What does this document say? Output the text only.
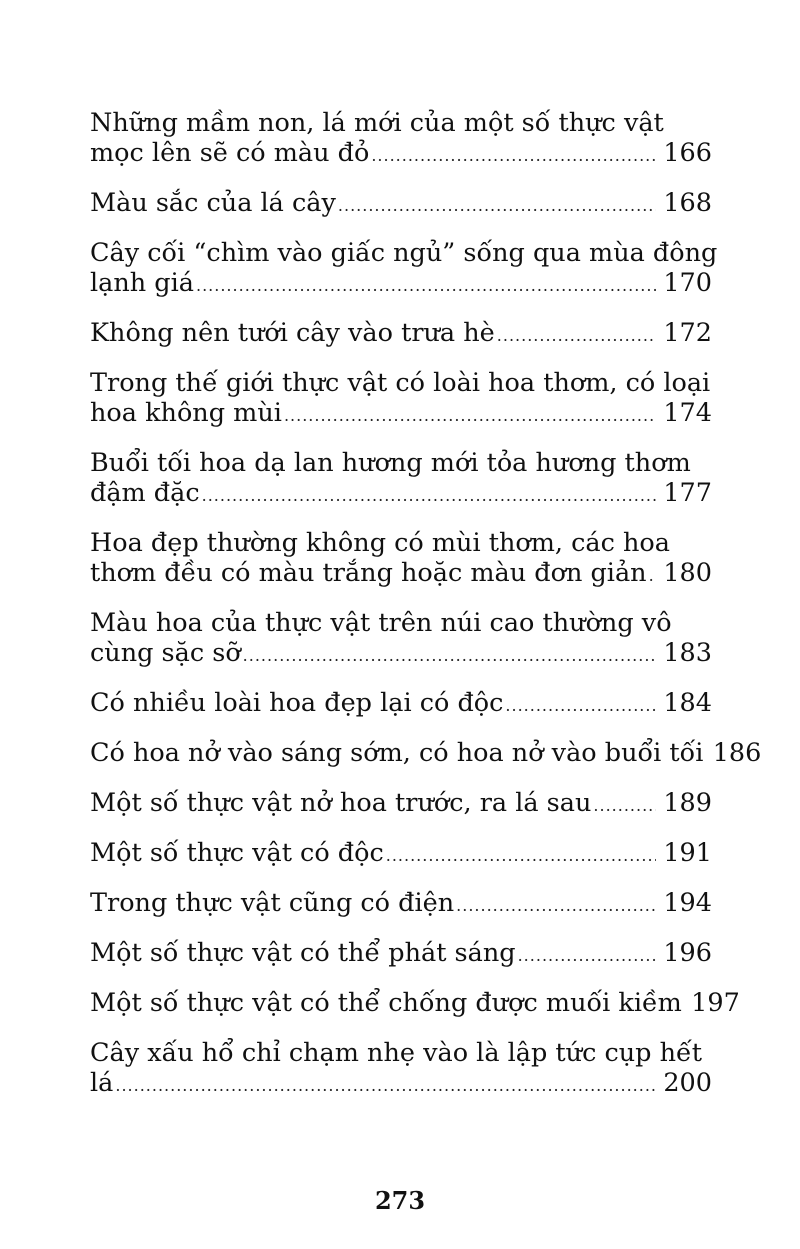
Những mầm non, lá mới của một số thực vật
mọc lên sẽ có màu đỏ .....	166
Màu sắc của lá cây .....	168
Cây cối “chìm vào giấc ngủ” sống qua mùa đông
lạnh giá .....	170
Không nên tưới cây vào trưa hè .....	172
Trong thế giới thực vật có loài hoa thơm, có loại
hoa không mùi .....	174
Buổi tối hoa dạ lan hương mới tỏa hương thơm
đậm đặc .....	177
Hoa đẹp thường không có mùi thơm, các hoa
thơm đều có màu trắng hoặc màu đơn giản ..... 180
Màu hoa của thực vật trên núi cao thường vô
cùng sặc sỡ .....	183
Có nhiều loài hoa đẹp lại có độc .....	184
Có hoa nở vào sáng sớm, có hoa nở vào buổi tối 186
Một số thực vật nở hoa trước, ra lá sau .....	189
Một số thực vật có độc .....	191
Trong thực vật cũng có điện .....	194
Một số thực vật có thể phát sáng .....	196
Một số thực vật có thể chống được muối kiềm 197
Cây xấu hổ chỉ chạm nhẹ vào là lập tức cụp hết
lá .....	200
273
